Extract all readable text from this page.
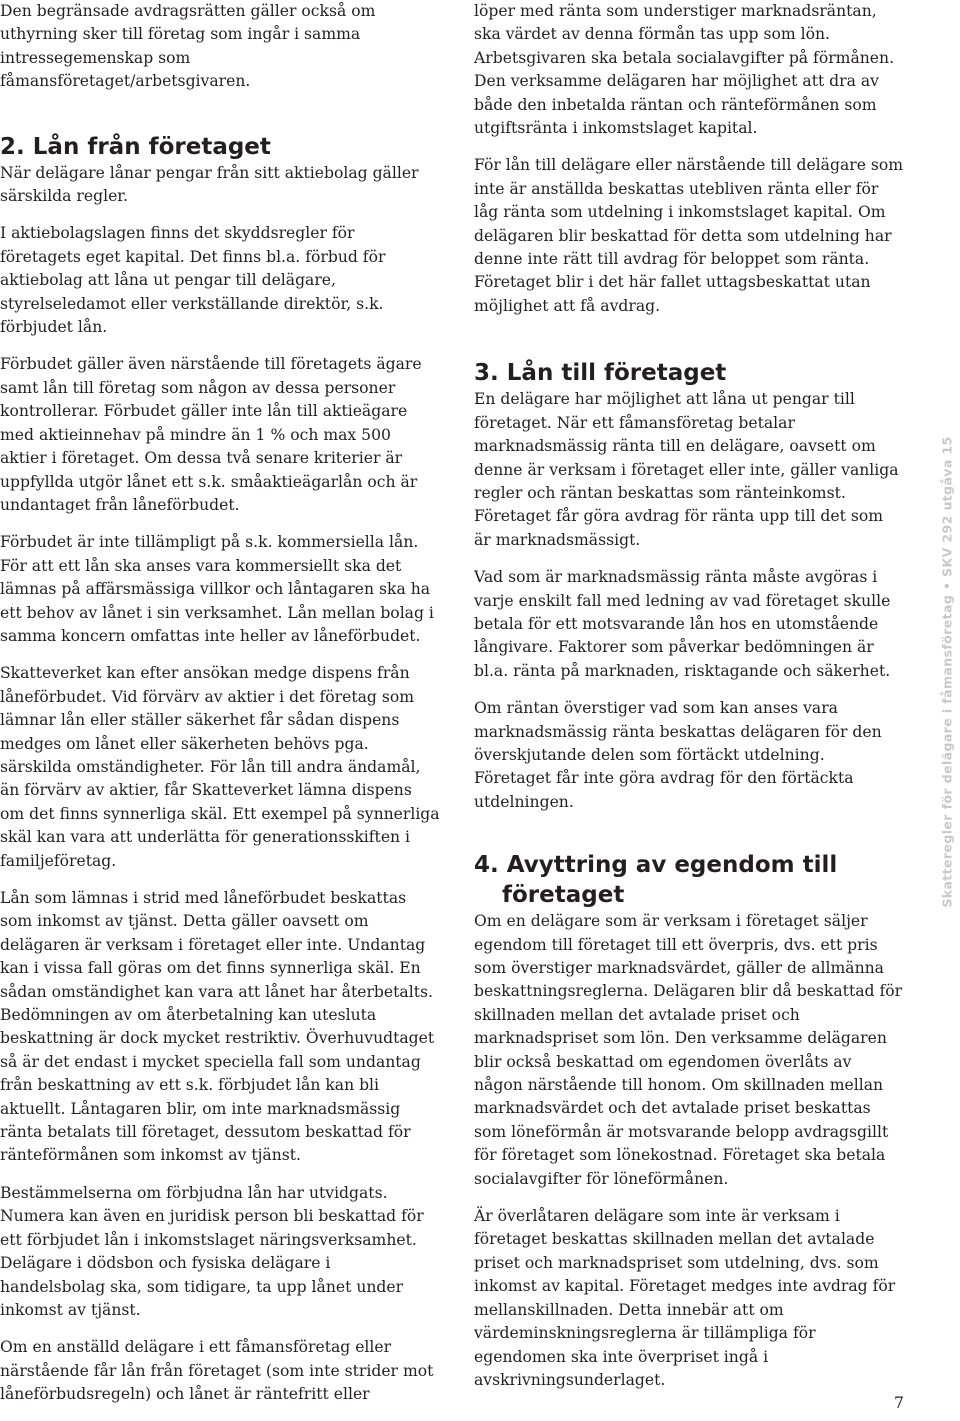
Den begränsade avdragsrätten gäller också om uthyrning sker till företag som ingår i samma intressegemenskap som fåmansföretaget/arbetsgivaren.

2. Lån från företaget

När delägare lånar pengar från sitt aktiebolag gäller särskilda regler.

I aktiebolagslagen finns det skyddsregler för företagets eget kapital. Det finns bl.a. förbud för aktiebolag att låna ut pengar till delägare, styrelseledamot eller verkställande direktör, s.k. förbjudet lån.

Förbudet gäller även närstående till företagets ägare samt lån till företag som någon av dessa personer kontrollerar. Förbudet gäller inte lån till aktieägare med aktieinnehav på mindre än 1 % och max 500 aktier i företaget. Om dessa två senare kriterier är uppfyllda utgör lånet ett s.k. småaktieägarlån och är undantaget från låneförbudet.

Förbudet är inte tillämpligt på s.k. kommersiella lån. För att ett lån ska anses vara kommersiellt ska det lämnas på affärsmässiga villkor och låntagaren ska ha ett behov av lånet i sin verksamhet. Lån mellan bolag i samma koncern omfattas inte heller av låneförbudet.

Skatteverket kan efter ansökan medge dispens från låneförbudet. Vid förvärv av aktier i det företag som lämnar lån eller ställer säkerhet får sådan dispens medges om lånet eller säkerheten behövs pga. särskilda omständigheter. För lån till andra ändamål, än förvärv av aktier, får Skatteverket lämna dispens om det finns synnerliga skäl. Ett exempel på synnerliga skäl kan vara att underlätta för generationsskiften i familjeföretag.

Lån som lämnas i strid med låneförbudet beskattas som inkomst av tjänst. Detta gäller oavsett om delägaren är verksam i företaget eller inte. Undantag kan i vissa fall göras om det finns synnerliga skäl. En sådan omständighet kan vara att lånet har återbetalts. Bedömningen av om återbetalning kan utesluta beskattning är dock mycket restriktiv. Överhuvudtaget så är det endast i mycket speciella fall som undantag från beskattning av ett s.k. förbjudet lån kan bli aktuellt. Låntagaren blir, om inte marknadsmässig ränta betalats till företaget, dessutom beskattad för ränteförmånen som inkomst av tjänst.

Bestämmelserna om förbjudna lån har utvidgats. Numera kan även en juridisk person bli beskattad för ett förbjudet lån i inkomstslaget näringsverksamhet. Delägare i dödsbon och fysiska delägare i handelsbolag ska, som tidigare, ta upp lånet under inkomst av tjänst.

Om en anställd delägare i ett fåmansföretag eller närstående får lån från företaget (som inte strider mot låneförbudsregeln) och lånet är räntefritt eller

löper med ränta som understiger marknadsräntan, ska värdet av denna förmån tas upp som lön. Arbetsgivaren ska betala socialavgifter på förmånen. Den verksamme delägaren har möjlighet att dra av både den inbetalda räntan och ränteförmånen som utgiftsränta i inkomstslaget kapital.

För lån till delägare eller närstående till delägare som inte är anställda beskattas utebliven ränta eller för låg ränta som utdelning i inkomstslaget kapital. Om delägaren blir beskattad för detta som utdelning har denne inte rätt till avdrag för beloppet som ränta. Företaget blir i det här fallet uttagsbeskattat utan möjlighet att få avdrag.

3. Lån till företaget

En delägare har möjlighet att låna ut pengar till företaget. När ett fåmansföretag betalar marknadsmässig ränta till en delägare, oavsett om denne är verksam i företaget eller inte, gäller vanliga regler och räntan beskattas som ränteinkomst. Företaget får göra avdrag för ränta upp till det som är marknadsmässigt.

Vad som är marknadsmässig ränta måste avgöras i varje enskilt fall med ledning av vad företaget skulle betala för ett motsvarande lån hos en utomstående långivare. Faktorer som påverkar bedömningen är bl.a. ränta på marknaden, risktagande och säkerhet.

Om räntan överstiger vad som kan anses vara marknadsmässig ränta beskattas delägaren för den överskjutande delen som förtäckt utdelning. Företaget får inte göra avdrag för den förtäckta utdelningen.

4. Avyttring av egendom till företaget

Om en delägare som är verksam i företaget säljer egendom till företaget till ett överpris, dvs. ett pris som överstiger marknadsvärdet, gäller de allmänna beskattningsreglerna. Delägaren blir då beskattad för skillnaden mellan det avtalade priset och marknadspriset som lön. Den verksamme delägaren blir också beskattad om egendomen överlåts av någon närstående till honom. Om skillnaden mellan marknadsvärdet och det avtalade priset beskattas som löneförmån är motsvarande belopp avdragsgillt för företaget som lönekostnad. Företaget ska betala socialavgifter för löneförmånen.

Är överlåtaren delägare som inte är verksam i företaget beskattas skillnaden mellan det avtalade priset och marknadspriset som utdelning, dvs. som inkomst av kapital. Företaget medges inte avdrag för mellanskillnaden. Detta innebär att om värdeminskningsreglerna är tillämpliga för egendomen ska inte överpriset ingå i avskrivningsunderlaget.

Skatteregler för delägare i fåmansföretag • SKV 292 utgåva 15
7
